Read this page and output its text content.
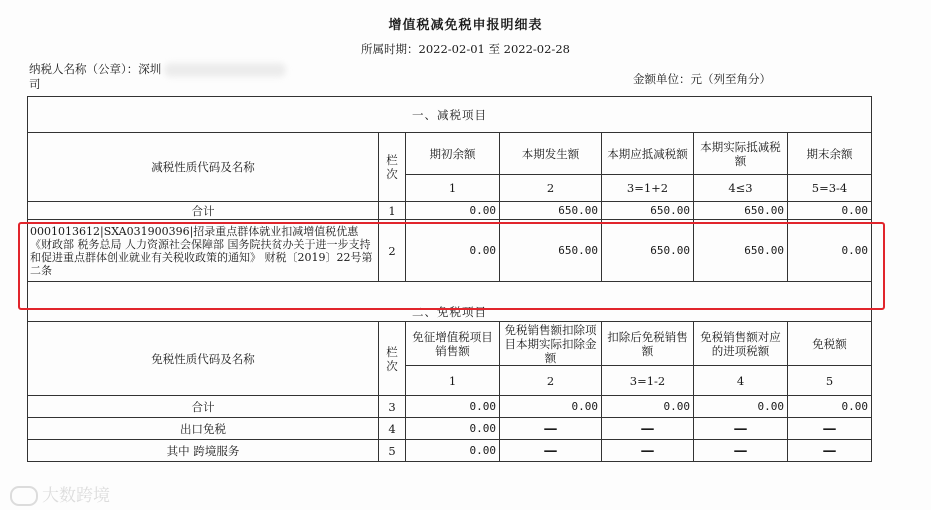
增值税减免税申报明细表
所属时期：2022-02-01 至 2022-02-28
纳税人名称（公章）：深圳
司	金额单位：元（列至角分）
一、减税项目						
减税性质代码及名称	栏次	期初余额	本期发生额	本期应抵减税额	本期实际抵减税额	期末余额
		1	2	3=1+2	4≤3	5=3-4
合计	1	0.00	650.00	650.00	650.00	0.00
0001013612|SXA031900396|招录重点群体就业扣减增值税优惠《财政部 税务总局 人力资源社会保障部 国务院扶贫办关于进一步支持和促进重点群体创业就业有关税收政策的通知》 财税〔2019〕22号第二条	2	0.00	650.00	650.00	650.00	0.00
二、免税项目						
免税性质代码及名称	栏次	免征增值税项目销售额	免税销售额扣除项目本期实际扣除金额	扣除后免税销售额	免税销售额对应的进项税额	免税额
		1	2	3=1-2	4	5
合计	3	0.00	0.00	0.00	0.00	0.00
出口免税	4	0.00	—	—	—	—
其中 跨境服务	5	0.00	—	—	—	—
大数跨境
